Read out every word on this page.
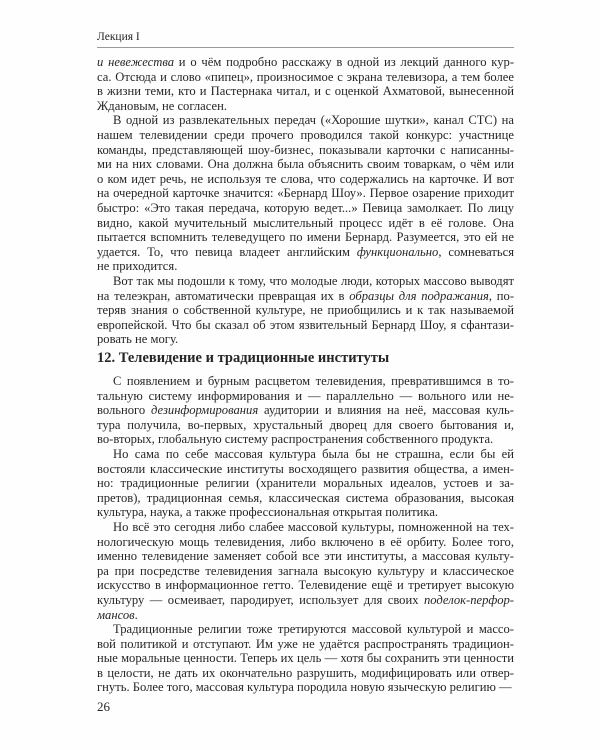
Лекция I
и невежества и о чём подробно расскажу в одной из лекций данного кур-
са. Отсюда и слово «пипец», произносимое с экрана телевизора, а тем более
в жизни теми, кто и Пастернака читал, и с оценкой Ахматовой, вынесенной
Ждановым, не согласен.
В одной из развлекательных передач («Хорошие шутки», канал СТС) на
нашем телевидении среди прочего проводился такой конкурс: участнице
команды, представляющей шоу-бизнес, показывали карточки с написанны-
ми на них словами. Она должна была объяснить своим товаркам, о чём или
о ком идет речь, не используя те слова, что содержались на карточке. И вот
на очередной карточке значится: «Бернард Шоу». Первое озарение приходит
быстро: «Это такая передача, которую ведет...» Певица замолкает. По лицу
видно, какой мучительный мыслительный процесс идёт в её голове. Она
пытается вспомнить телеведущего по имени Бернард. Разумеется, это ей не
удается. То, что певица владеет английским функционально, сомневаться
не приходится.
Вот так мы подошли к тому, что молодые люди, которых массово выводят
на телеэкран, автоматически превращая их в образцы для подражания, по-
теряв знания о собственной культуре, не приобщились и к так называемой
европейской. Что бы сказал об этом язвительный Бернард Шоу, я сфантази-
ровать не могу.
12. Телевидение и традиционные институты
С появлением и бурным расцветом телевидения, превратившимся в то-
тальную систему информирования и — параллельно — вольного или не-
вольного дезинформирования аудитории и влияния на неё, массовая куль-
тура получила, во-первых, хрустальный дворец для своего бытования и,
во-вторых, глобальную систему распространения собственного продукта.
Но сама по себе массовая культура была бы не страшна, если бы ей
востояли классические институты восходящего развития общества, а имен-
но: традиционные религии (хранители моральных идеалов, устоев и за-
претов), традиционная семья, классическая система образования, высокая
культура, наука, а также профессиональная открытая политика.
Но всё это сегодня либо слабее массовой культуры, помноженной на тех-
нологическую мощь телевидения, либо включено в её орбиту. Более того,
именно телевидение заменяет собой все эти институты, а массовая культу-
ра при посредстве телевидения загнала высокую культуру и классическое
искусство в информационное гетто. Телевидение ещё и третирует высокую
культуру — осмеивает, пародирует, использует для своих поделок-перфор-
мансов.
Традиционные религии тоже третируются массовой культурой и массо-
вой политикой и отступают. Им уже не удаётся распространять традицион-
ные моральные ценности. Теперь их цель — хотя бы сохранить эти ценности
в целости, не дать их окончательно разрушить, модифицировать или отвер-
гнуть. Более того, массовая культура породила новую языческую религию —
26
